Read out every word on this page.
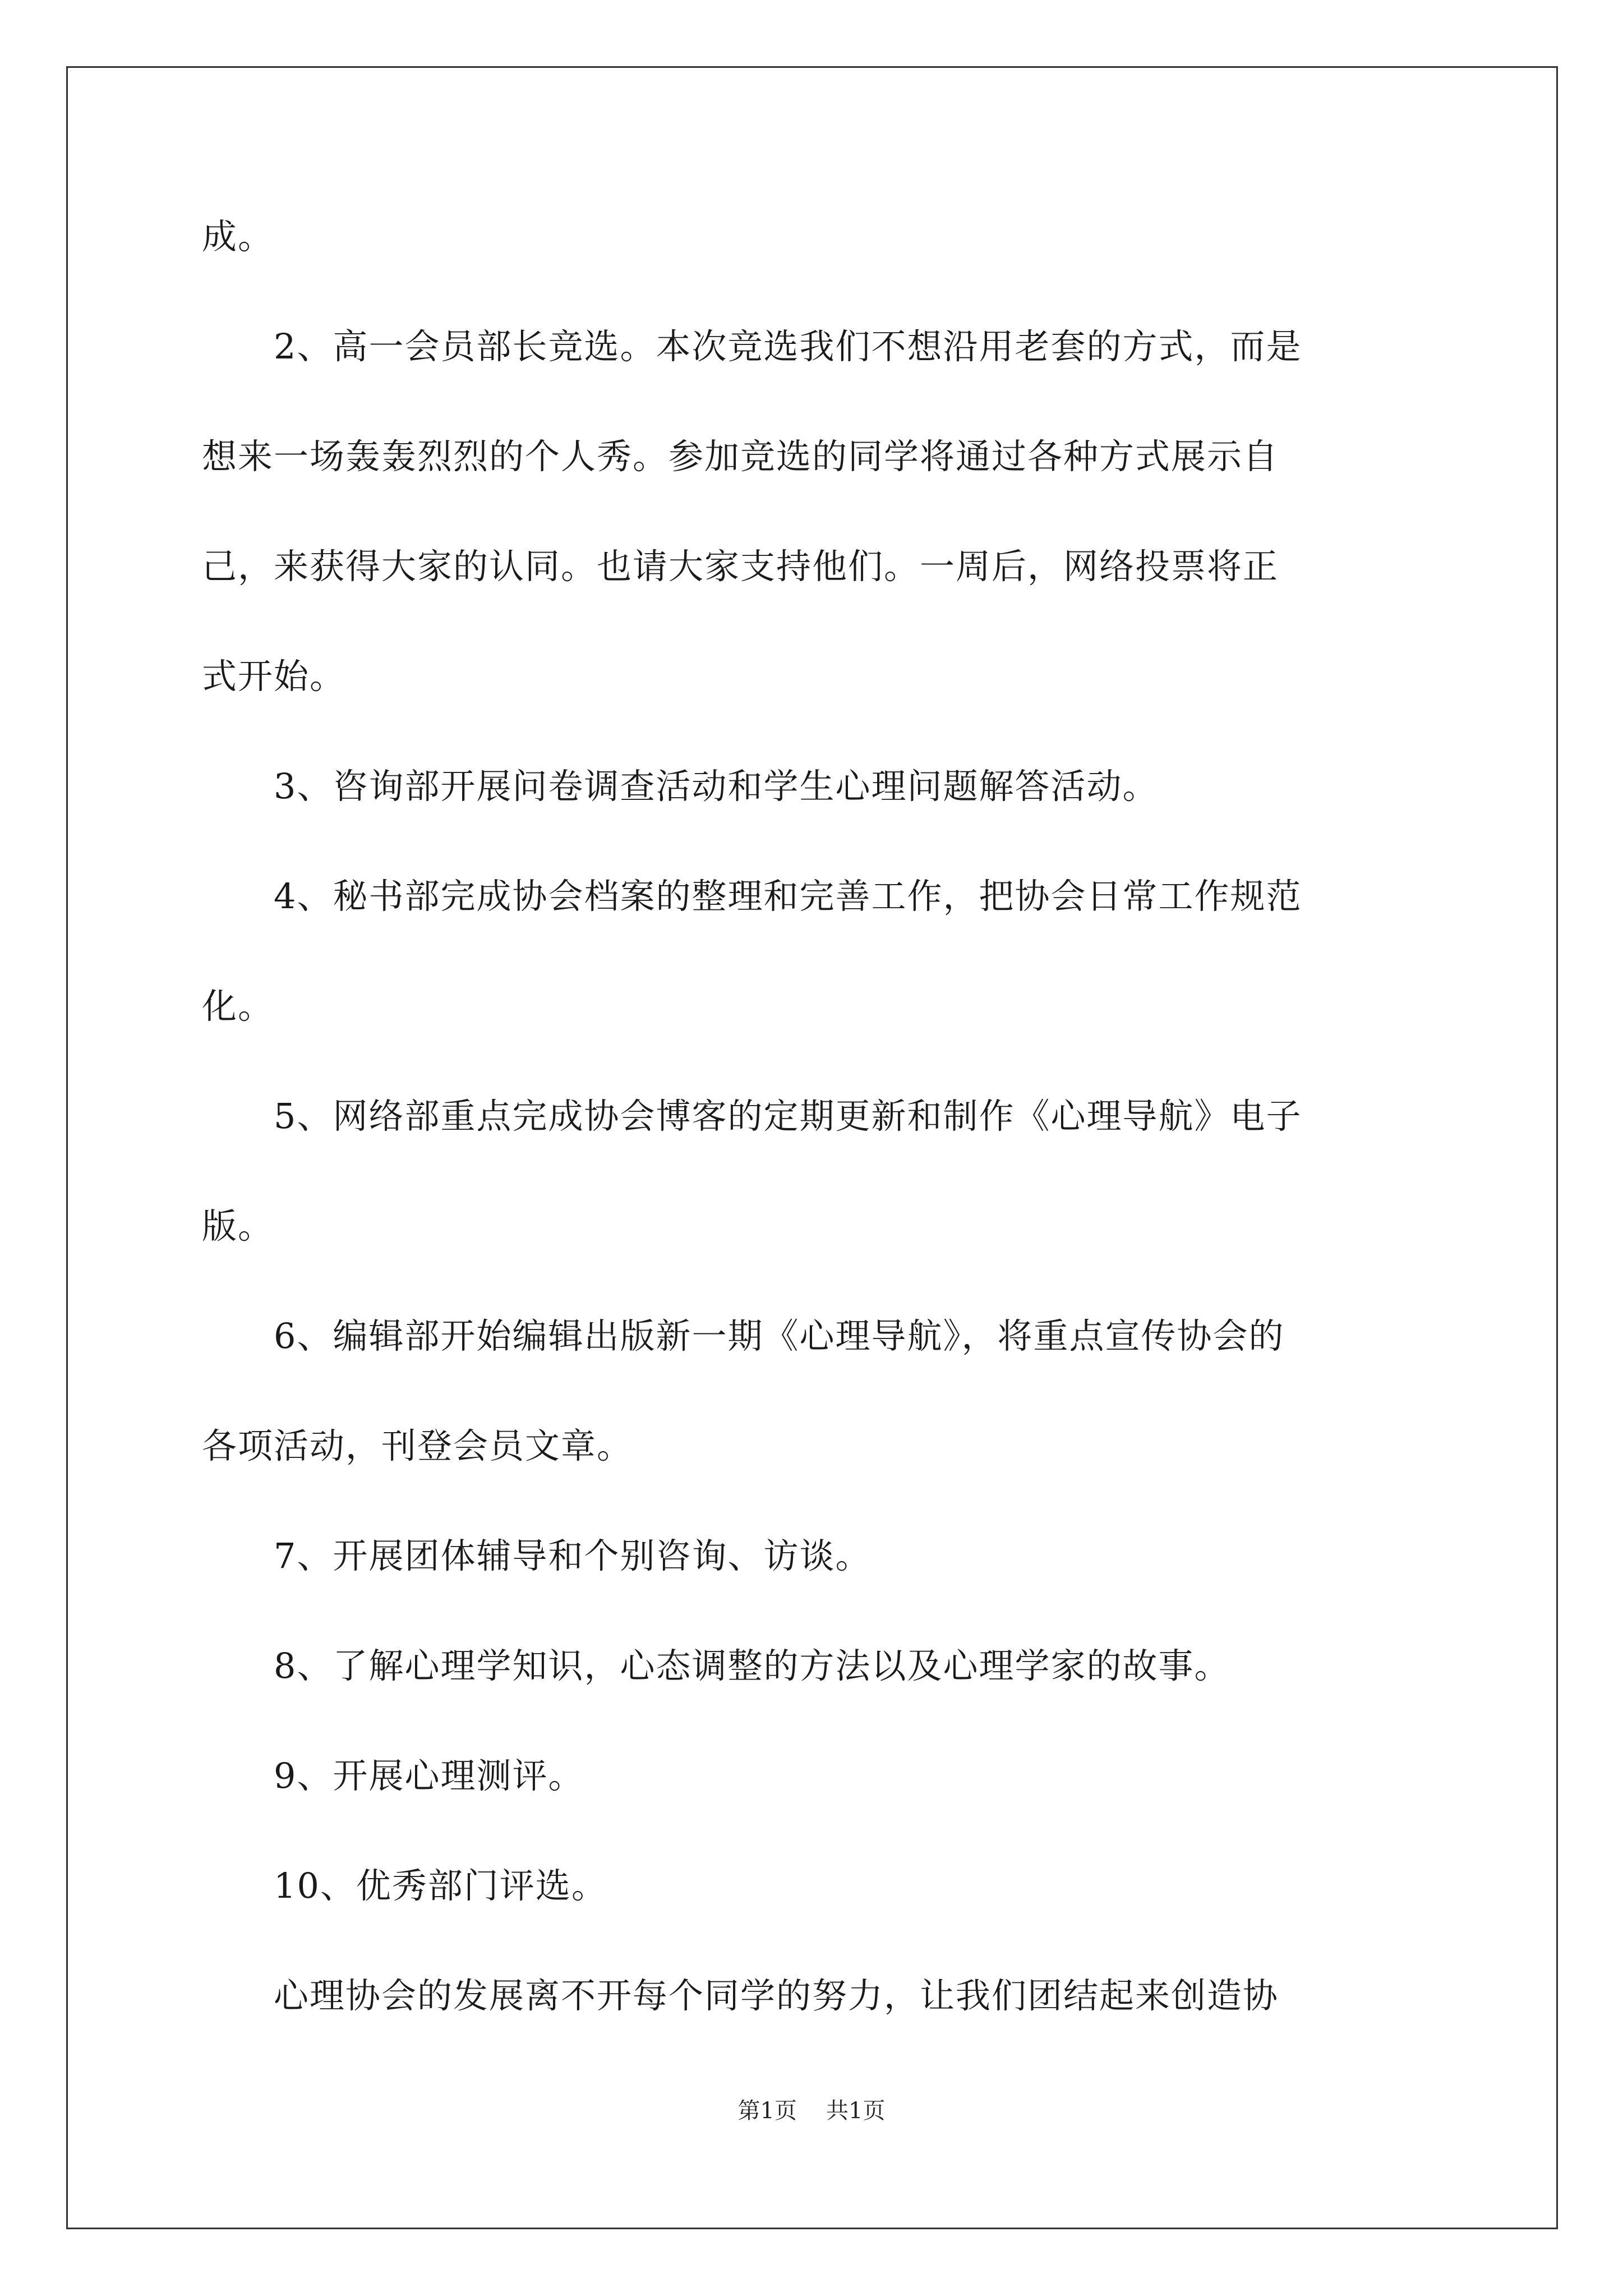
成。
　　2、高一会员部长竞选。本次竞选我们不想沿用老套的方式，而是
想来一场轰轰烈烈的个人秀。参加竞选的同学将通过各种方式展示自
己，来获得大家的认同。也请大家支持他们。一周后，网络投票将正
式开始。
　　3、咨询部开展问卷调查活动和学生心理问题解答活动。
　　4、秘书部完成协会档案的整理和完善工作，把协会日常工作规范
化。
　　5、网络部重点完成协会博客的定期更新和制作《心理导航》电子
版。
　　6、编辑部开始编辑出版新一期《心理导航》，将重点宣传协会的
各项活动，刊登会员文章。
　　7、开展团体辅导和个别咨询、访谈。
　　8、了解心理学知识，心态调整的方法以及心理学家的故事。
　　9、开展心理测评。
　　10、优秀部门评选。
　　心理协会的发展离不开每个同学的努力，让我们团结起来创造协
第1页 共1页
